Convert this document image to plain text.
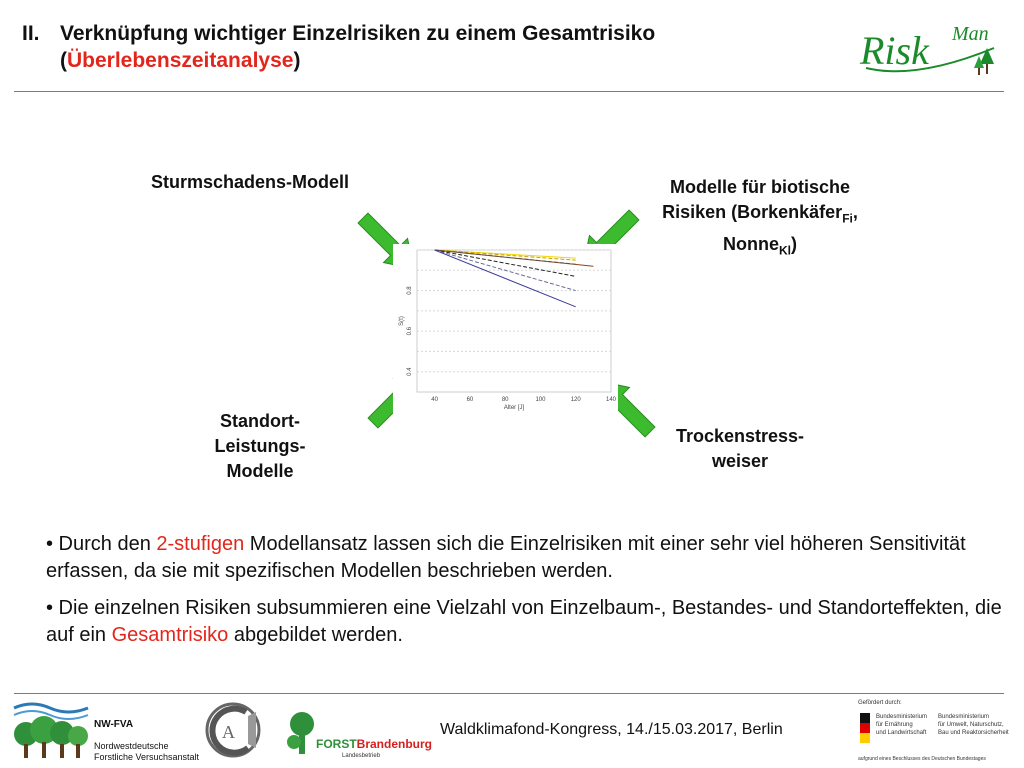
II. Verknüpfung wichtiger Einzelrisiken zu einem Gesamtrisiko
(Überlebenszeitanalyse)	Risk Man
Sturmschadens-Modell	Modelle für biotische
Risiken (Borkenkäfer$_{Fi}$,
Nonne$_{Kl}$)
Standort-
Leistungs-
Modelle
Trockenstress-
weiser
40	60	80	100	120	140
0.4
0.6
0.8
Alter [J]
S(t)

• Durch den 2-stufigen Modellansatz lassen sich die Einzelrisiken mit einer sehr viel höheren Sensitivität erfassen, da sie mit spezifischen Modellen beschrieben werden.

• Die einzelnen Risiken subsummieren eine Vielzahl von Einzelbaum-, Bestandes- und Standorteffekten, die auf ein Gesamtrisiko abgebildet werden.

NW-FVA
Nordwestdeutsche
Forstliche Versuchsanstalt
A
FORSTBrandenburg
Landesbetrieb
Waldklimafond-Kongress, 14./15.03.2017, Berlin
Gefördert durch:
Bundesministerium
für Ernährung
und Landwirtschaft
Bundesministerium
für Umwelt, Naturschutz,
Bau und Reaktorsicherheit
aufgrund eines Beschlusses des Deutschen Bundestages
